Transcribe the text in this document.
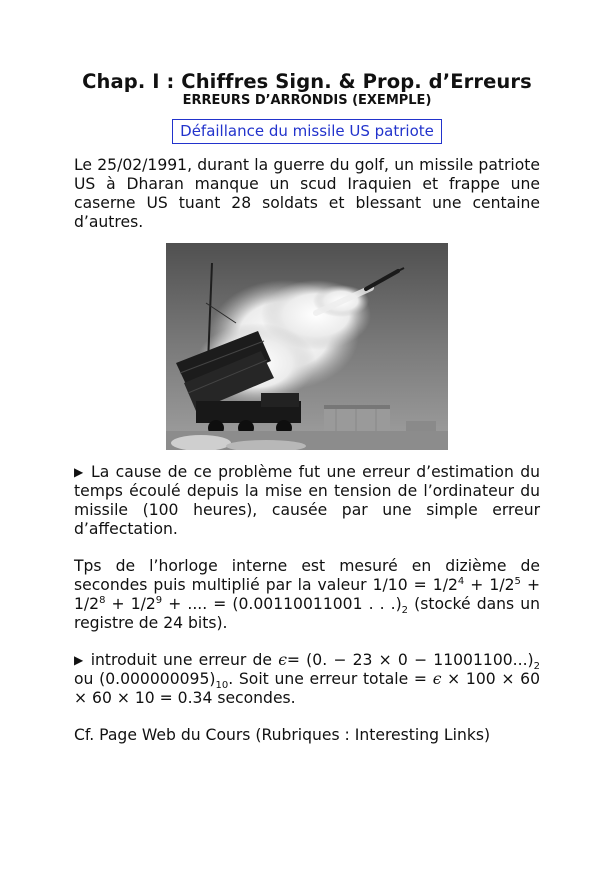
Chap. I : Chiffres Sign. & Prop. d’Erreurs
ERREURS D’ARRONDIS (EXEMPLE)
Défaillance du missile US patriote

Le 25/02/1991, durant la guerre du golf, un missile patriote US à Dharan manque un scud Iraquien et frappe une caserne US tuant 28 soldats et blessant une centaine d’autres.

▶ La cause de ce problème fut une erreur d’estimation du temps écoulé depuis la mise en tension de l’ordinateur du missile (100 heures), causée par une simple erreur d’affectation.

Tps de l’horloge interne est mesuré en dizième de secondes puis multiplié par la valeur $1/10 = 1/2^4 + 1/2^5 + 1/2^8 + 1/2^9$ + .... = (0.00110011001 . . $.)_2$ (stocké dans un registre de 24 bits).

▶ introduit une erreur de ϵ= (0. − $23 \times 0 - 11001100...)_2$ ou $(0.000000095)_{10}$. Soit une erreur totale = ϵ × 100 × 60 × 60 × 10 = 0.34 secondes.

Cf. Page Web du Cours (Rubriques : Interesting Links)
